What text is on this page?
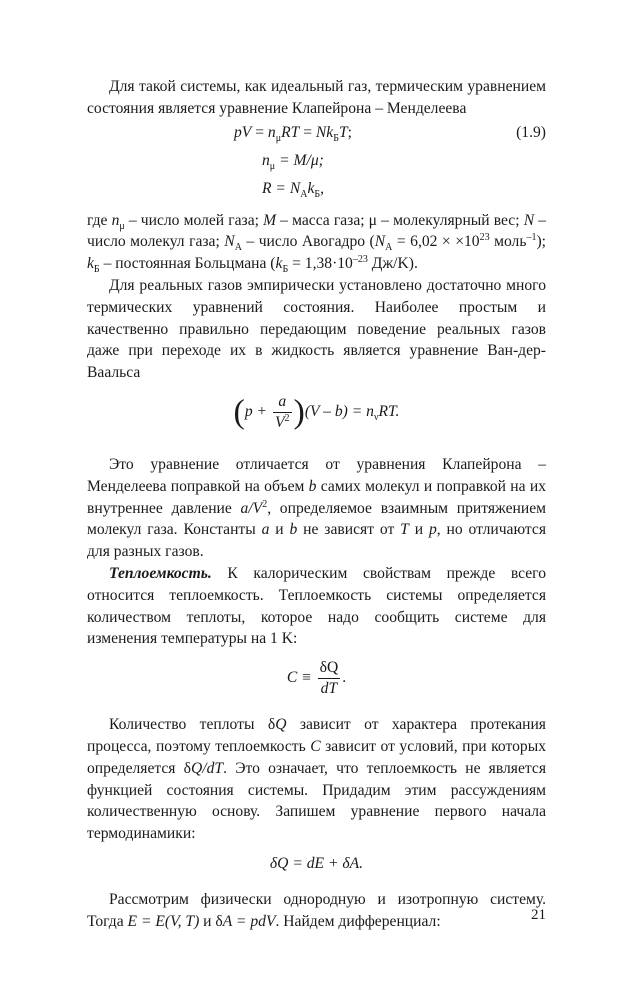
Для такой системы, как идеальный газ, термическим уравнением состояния является уравнение Клапейрона – Менделеева

pV = $n_\mu RT = Nk_БT$;	(1.9)
$n_\mu = M/\mu$;
$R = N_Ak_Б$,

где $n_\mu$ – число молей газа; M – масса газа; μ – молекулярный вес; N – число молекул газа; $N_A$ – число Авогадро ($N_A = 6,02 \times \times 10^{23}$ моль$^{-1}$); $k_Б$ – постоянная Больцмана ($k_Б = 1,38\cdot 10^{-23}$ Дж/K).

Для реальных газов эмпирически установлено достаточно много термических уравнений состояния. Наиболее простым и качественно правильно передающим поведение реальных газов даже при переходе их в жидкость является уравнение Ван-дер-Ваальса

$(p + \frac{a}{V^2} )(V - b) = n_\nu RT$.

Это уравнение отличается от уравнения Клапейрона – Менделеева поправкой на объем b самих молекул и поправкой на их внутреннее давление $a/V^2$, определяемое взаимным притяжением молекул газа. Константы a и b не зависят от T и p, но отличаются для разных газов.

Теплоемкость. К калорическим свойствам прежде всего относится теплоемкость. Теплоемкость системы определяется количеством теплоты, которое надо сообщить системе для изменения температуры на 1 K:

$C \equiv \frac{\delta Q}{dT}$ .

Количество теплоты δQ зависит от характера протекания процесса, поэтому теплоемкость C зависит от условий, при которых определяется δQ/dT. Это означает, что теплоемкость не является функцией состояния системы. Придадим этим рассуждениям количественную основу. Запишем уравнение первого начала термодинамики:

δQ = dE + δA.

Рассмотрим физически однородную и изотропную систему. Тогда E = E(V, T) и δA = pdV. Найдем дифференциал:	21
